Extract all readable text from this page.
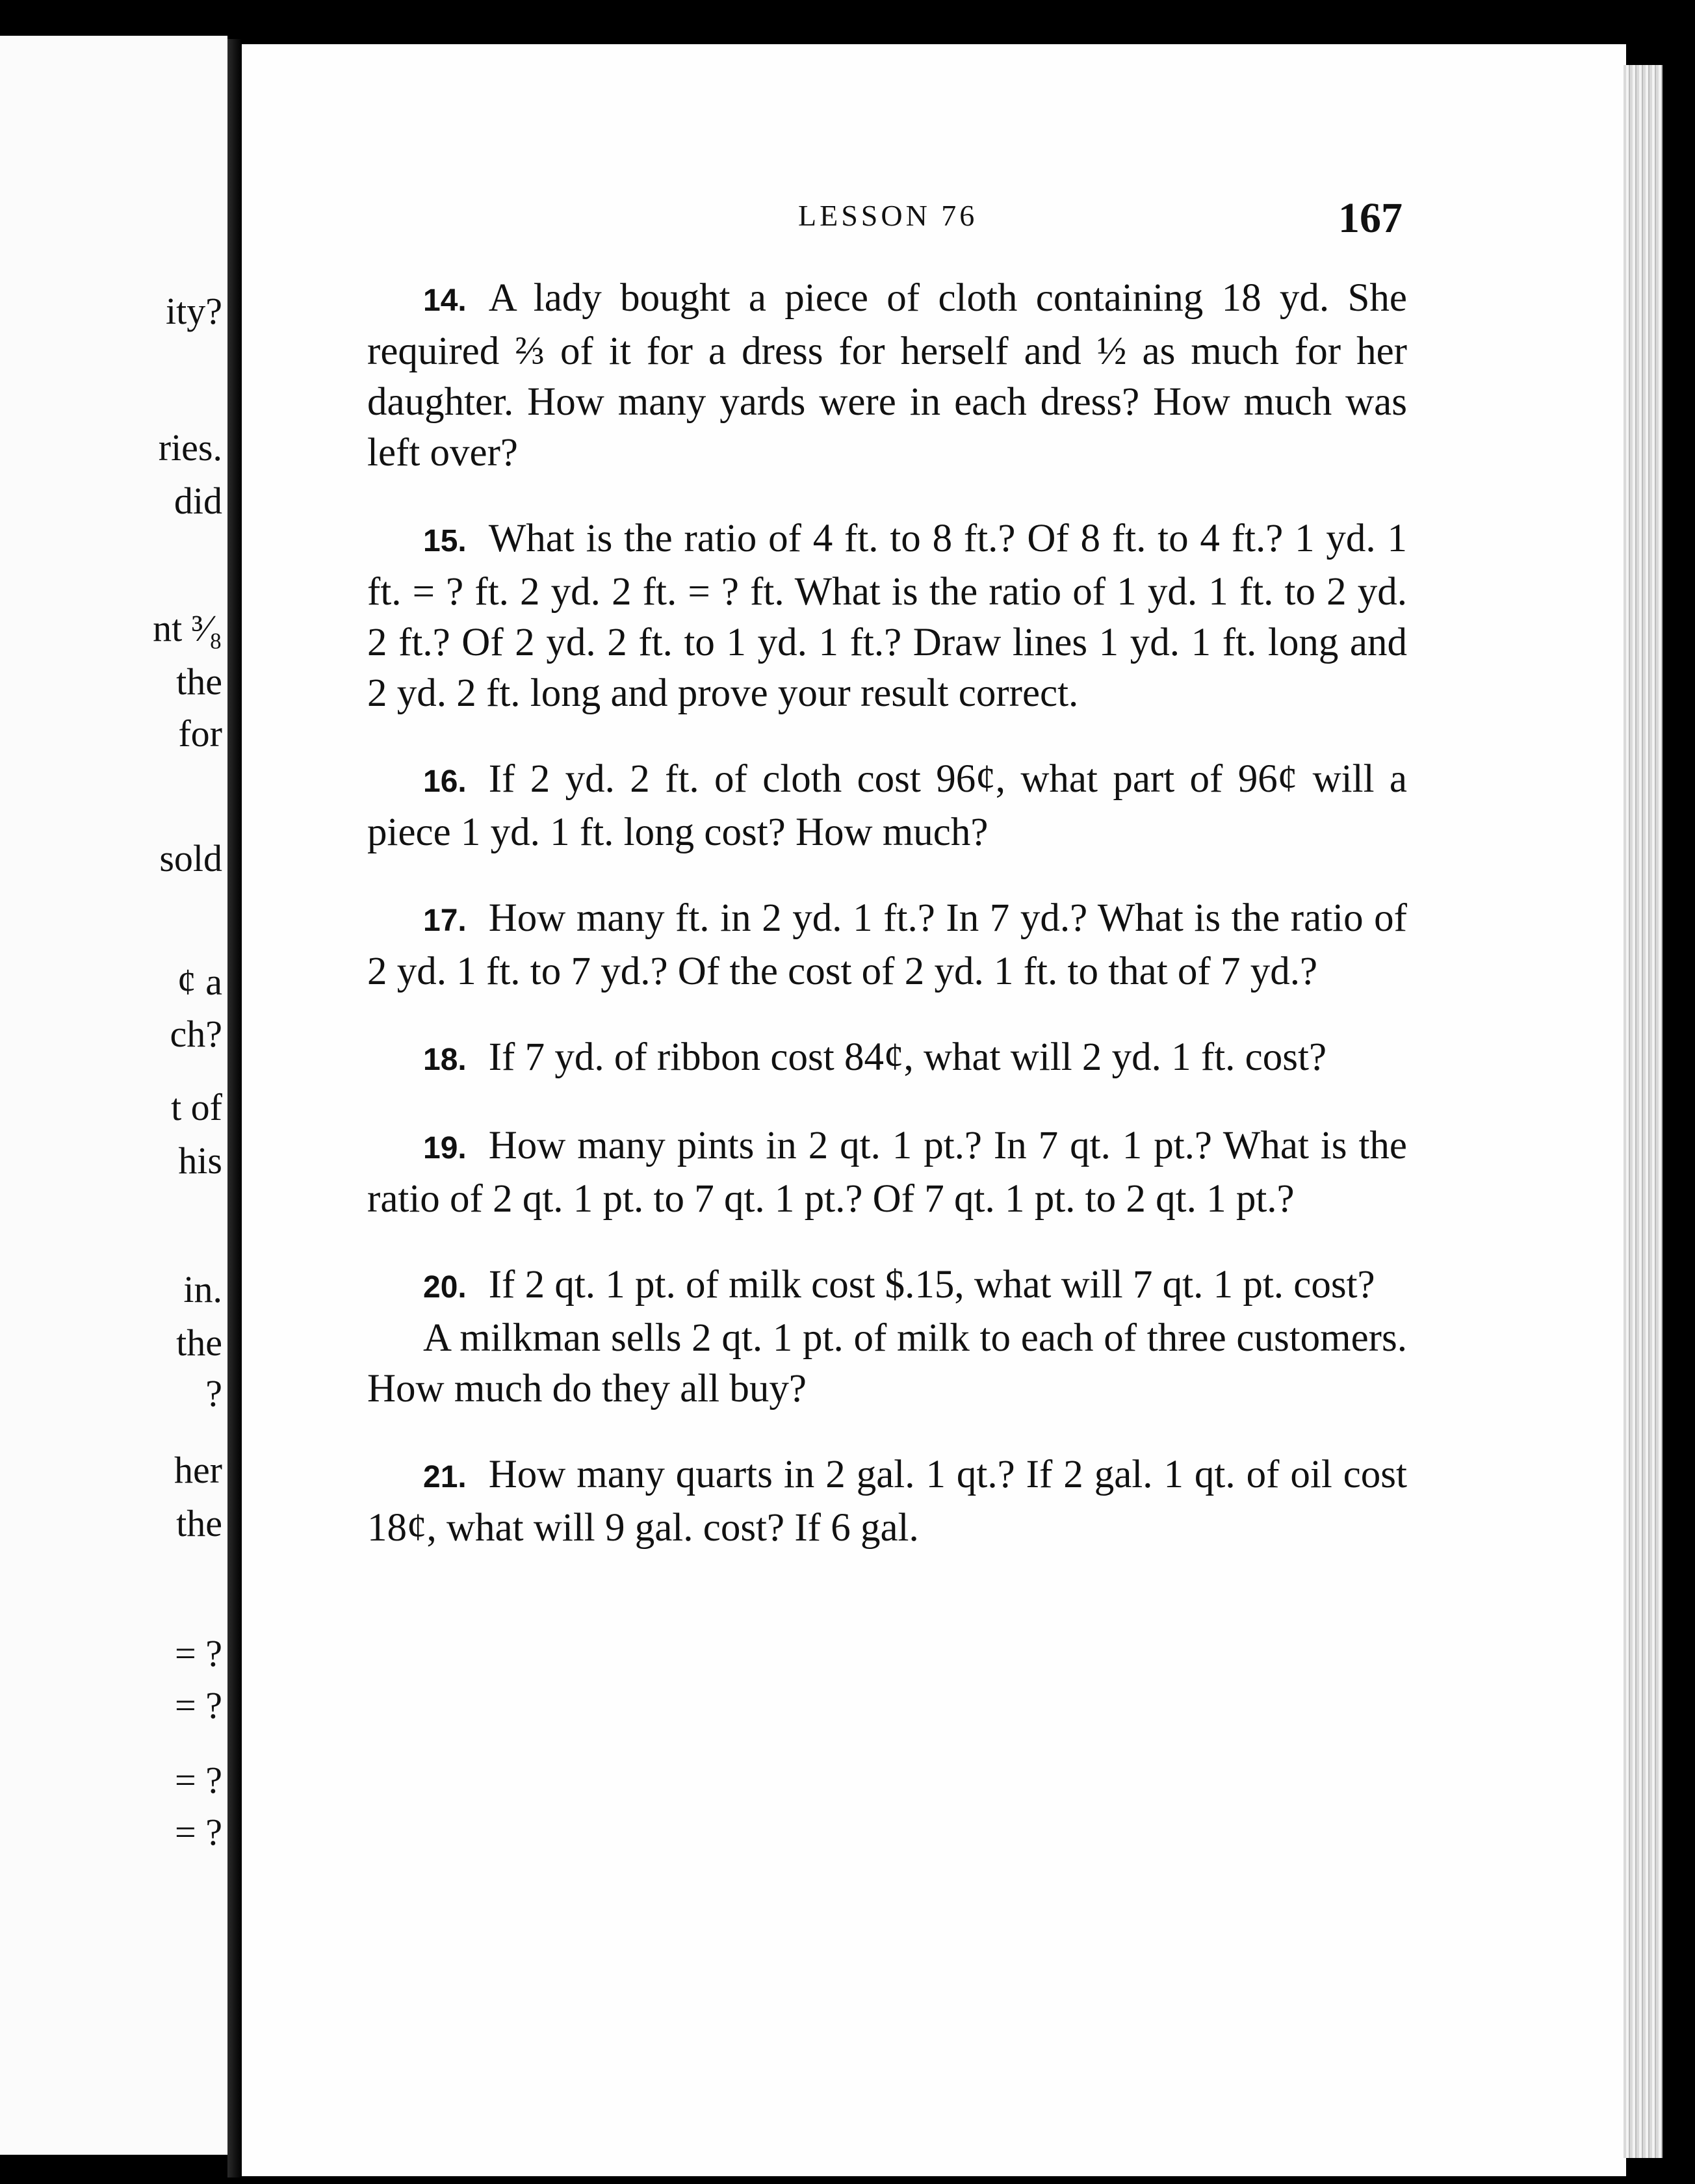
ity?

ries.

did

nt ³⁄₈

the

for

sold

¢ a

ch?

t of

his

in.

the

?

her

the

= ?

= ?

= ?

= ?

LESSON 76	167

14. A lady bought a piece of cloth containing 18 yd. She required ⅔ of it for a dress for herself and ½ as much for her daughter. How many yards were in each dress? How much was left over?

15. What is the ratio of 4 ft. to 8 ft.? Of 8 ft. to 4 ft.? 1 yd. 1 ft. = ? ft. 2 yd. 2 ft. = ? ft. What is the ratio of 1 yd. 1 ft. to 2 yd. 2 ft.? Of 2 yd. 2 ft. to 1 yd. 1 ft.? Draw lines 1 yd. 1 ft. long and 2 yd. 2 ft. long and prove your result correct.

16. If 2 yd. 2 ft. of cloth cost 96¢, what part of 96¢ will a piece 1 yd. 1 ft. long cost? How much?

17. How many ft. in 2 yd. 1 ft.? In 7 yd.? What is the ratio of 2 yd. 1 ft. to 7 yd.? Of the cost of 2 yd. 1 ft. to that of 7 yd.?

18. If 7 yd. of ribbon cost 84¢, what will 2 yd. 1 ft. cost?

19. How many pints in 2 qt. 1 pt.? In 7 qt. 1 pt.? What is the ratio of 2 qt. 1 pt. to 7 qt. 1 pt.? Of 7 qt. 1 pt. to 2 qt. 1 pt.?

20. If 2 qt. 1 pt. of milk cost $.15, what will 7 qt. 1 pt. cost?

A milkman sells 2 qt. 1 pt. of milk to each of three customers. How much do they all buy?

21. How many quarts in 2 gal. 1 qt.? If 2 gal. 1 qt. of oil cost 18¢, what will 9 gal. cost? If 6 gal.
